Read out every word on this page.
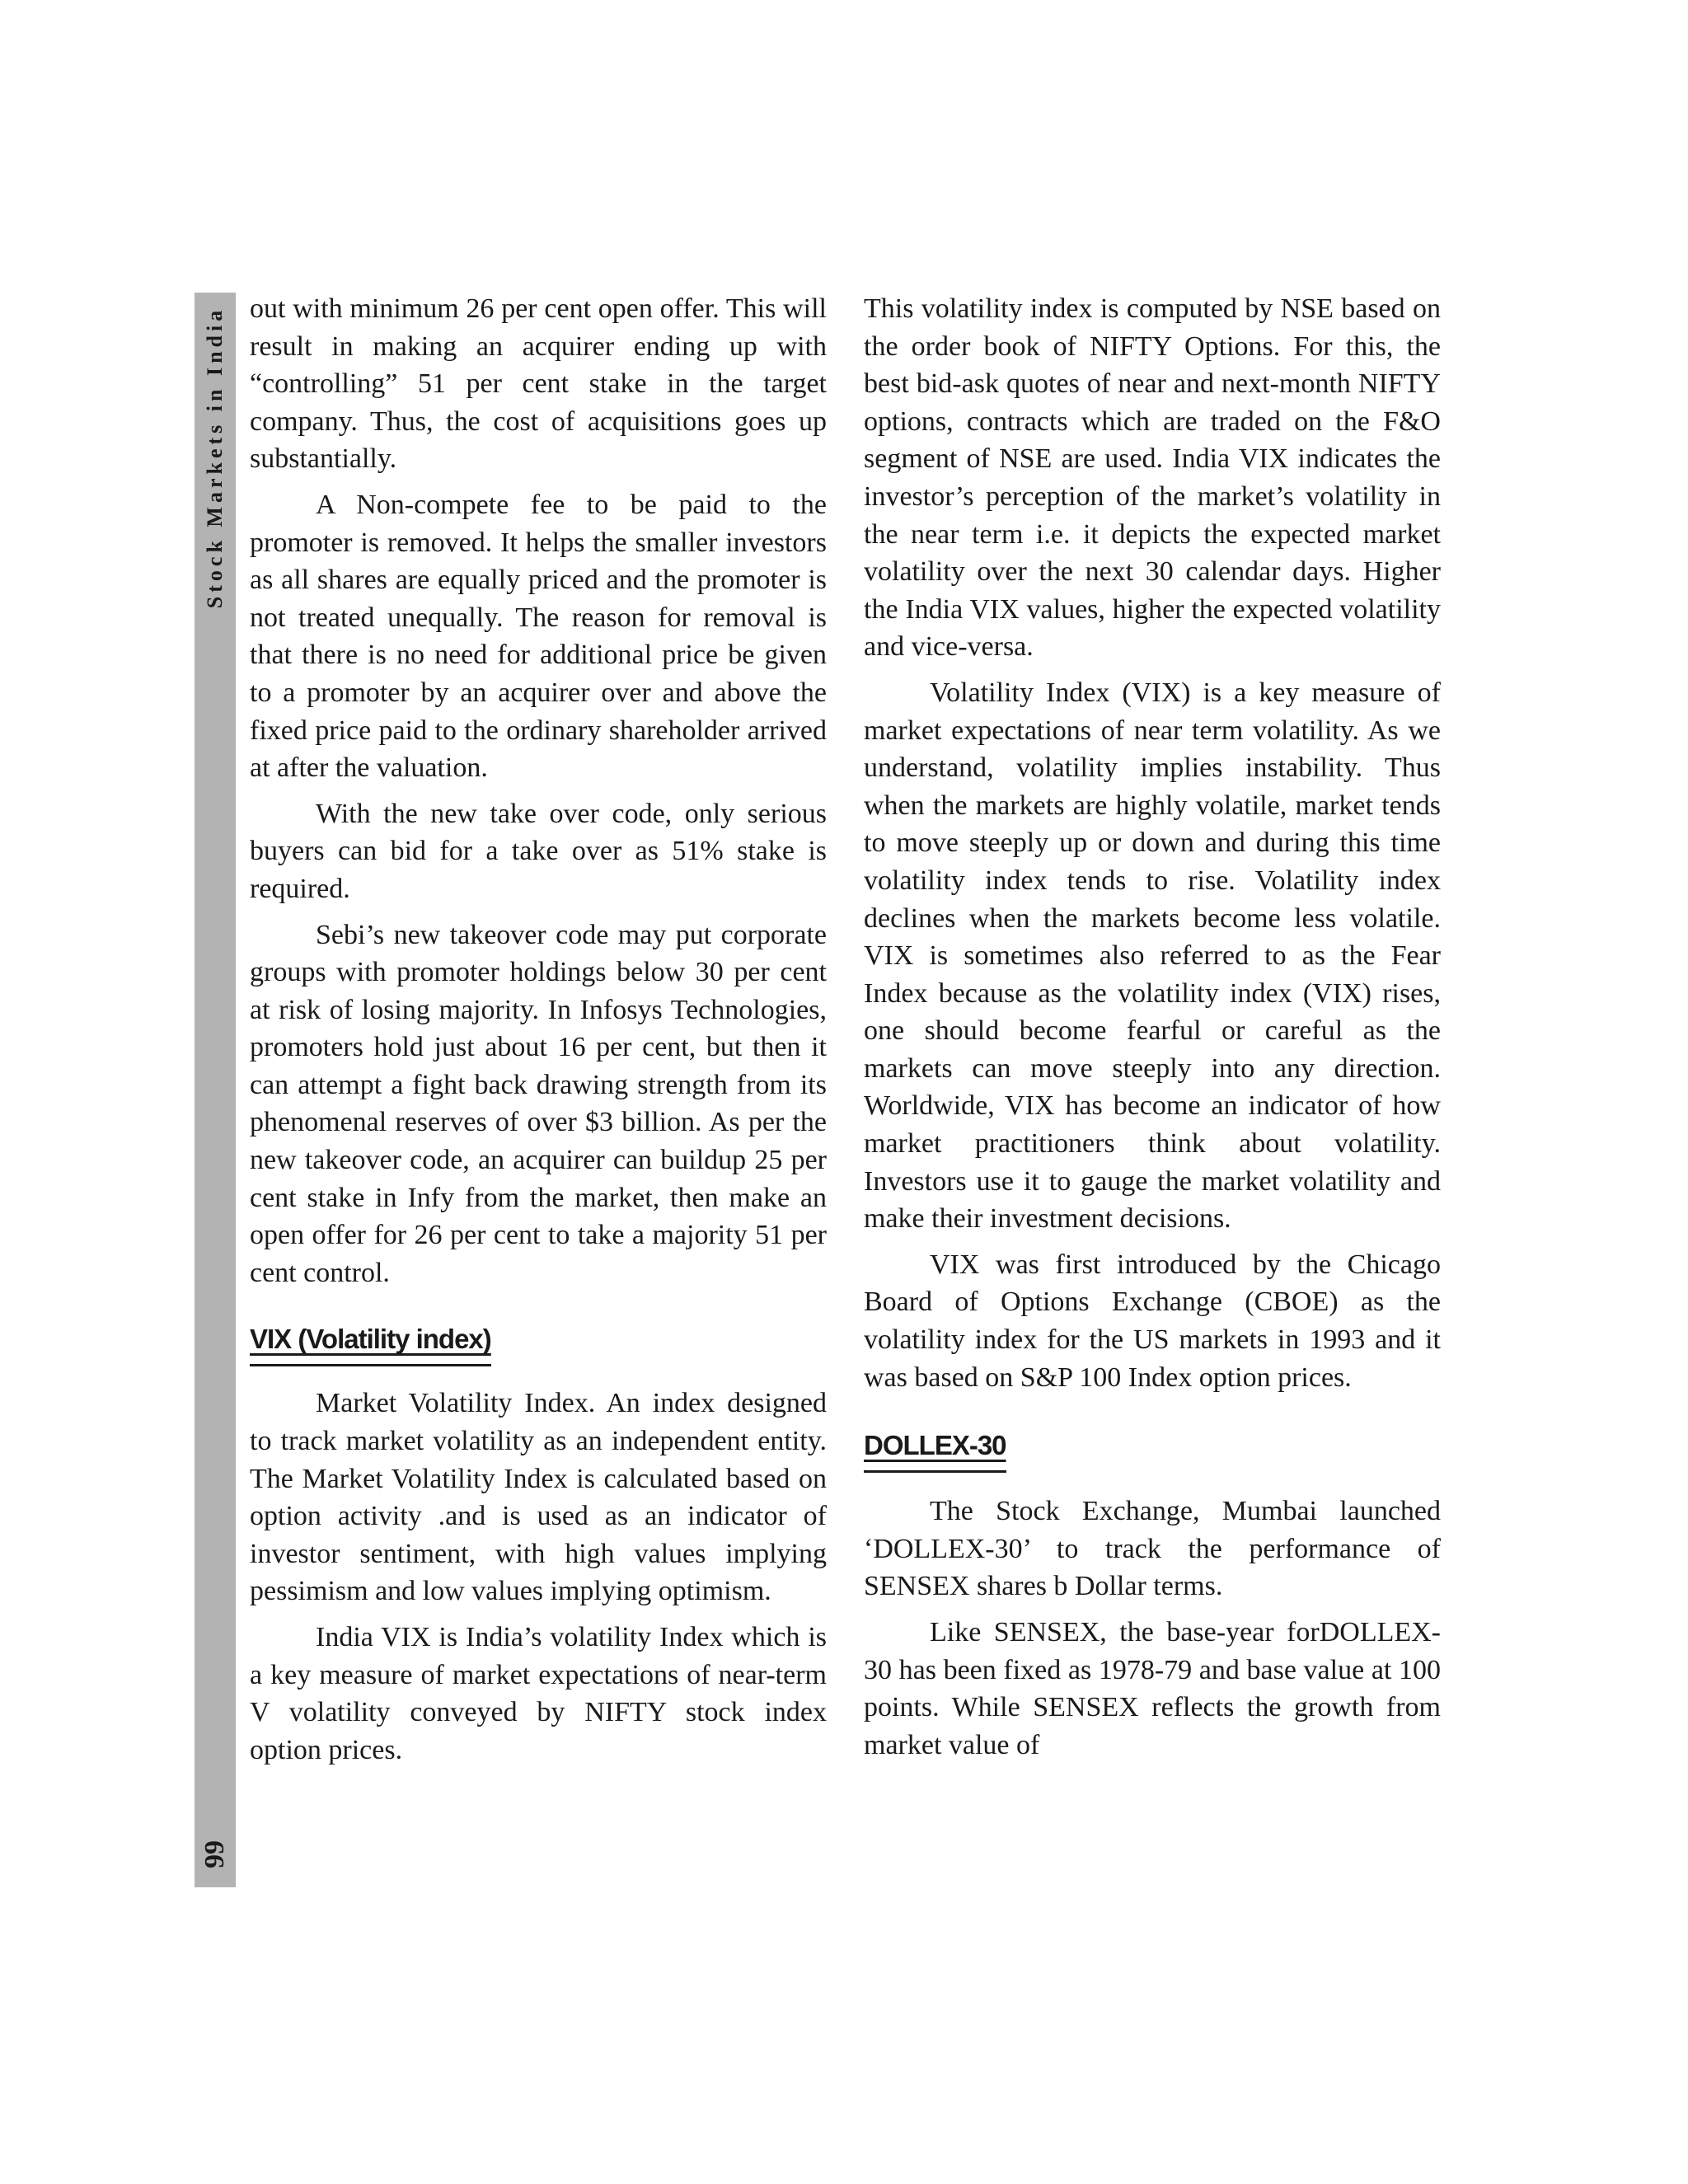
Stock Markets in India
99

out with minimum 26 per cent open offer. This will result in making an acquirer ending up with “controlling” 51 per cent stake in the target company. Thus, the cost of acquisitions goes up substantially.

A Non-compete fee to be paid to the promoter is removed. It helps the smaller investors as all shares are equally priced and the promoter is not treated unequally. The reason for removal is that there is no need for additional price be given to a promoter by an acquirer over and above the fixed price paid to the ordinary shareholder arrived at after the valuation.

With the new take over code, only serious buyers can bid for a take over as 51% stake is required.

Sebi’s new takeover code may put corporate groups with promoter holdings below 30 per cent at risk of losing majority. In Infosys Technologies, promoters hold just about 16 per cent, but then it can attempt a fight back drawing strength from its phenomenal reserves of over $3 billion. As per the new takeover code, an acquirer can buildup 25 per cent stake in Infy from the market, then make an open offer for 26 per cent to take a majority 51 per cent control.

VIX (Volatility index)

Market Volatility Index. An index designed to track market volatility as an independent entity. The Market Volatility Index is calculated based on option activity .and is used as an indicator of investor sentiment, with high values implying pessimism and low values implying optimism.

India VIX is India’s volatility Index which is a key measure of market expectations of near-term V volatility conveyed by NIFTY stock index option prices.

This volatility index is computed by NSE based on the order book of NIFTY Options. For this, the best bid-ask quotes of near and next-month NIFTY options, contracts which are traded on the F&O segment of NSE are used. India VIX indicates the investor’s perception of the market’s volatility in the near term i.e. it depicts the expected market volatility over the next 30 calendar days. Higher the India VIX values, higher the expected volatility and vice-versa.

Volatility Index (VIX) is a key measure of market expectations of near term volatility. As we understand, volatility implies instability. Thus when the markets are highly volatile, market tends to move steeply up or down and during this time volatility index tends to rise. Volatility index declines when the markets become less volatile. VIX is sometimes also referred to as the Fear Index because as the volatility index (VIX) rises, one should become fearful or careful as the markets can move steeply into any direction. Worldwide, VIX has become an indicator of how market practitioners think about volatility. Investors use it to gauge the market volatility and make their investment decisions.

VIX was first introduced by the Chicago Board of Options Exchange (CBOE) as the volatility index for the US markets in 1993 and it was based on S&P 100 Index option prices.

DOLLEX-30

The Stock Exchange, Mumbai launched ‘DOLLEX-30’ to track the performance of SENSEX shares b Dollar terms.

Like SENSEX, the base-year forDOLLEX-30 has been fixed as 1978-79 and base value at 100 points. While SENSEX reflects the growth from market value of
